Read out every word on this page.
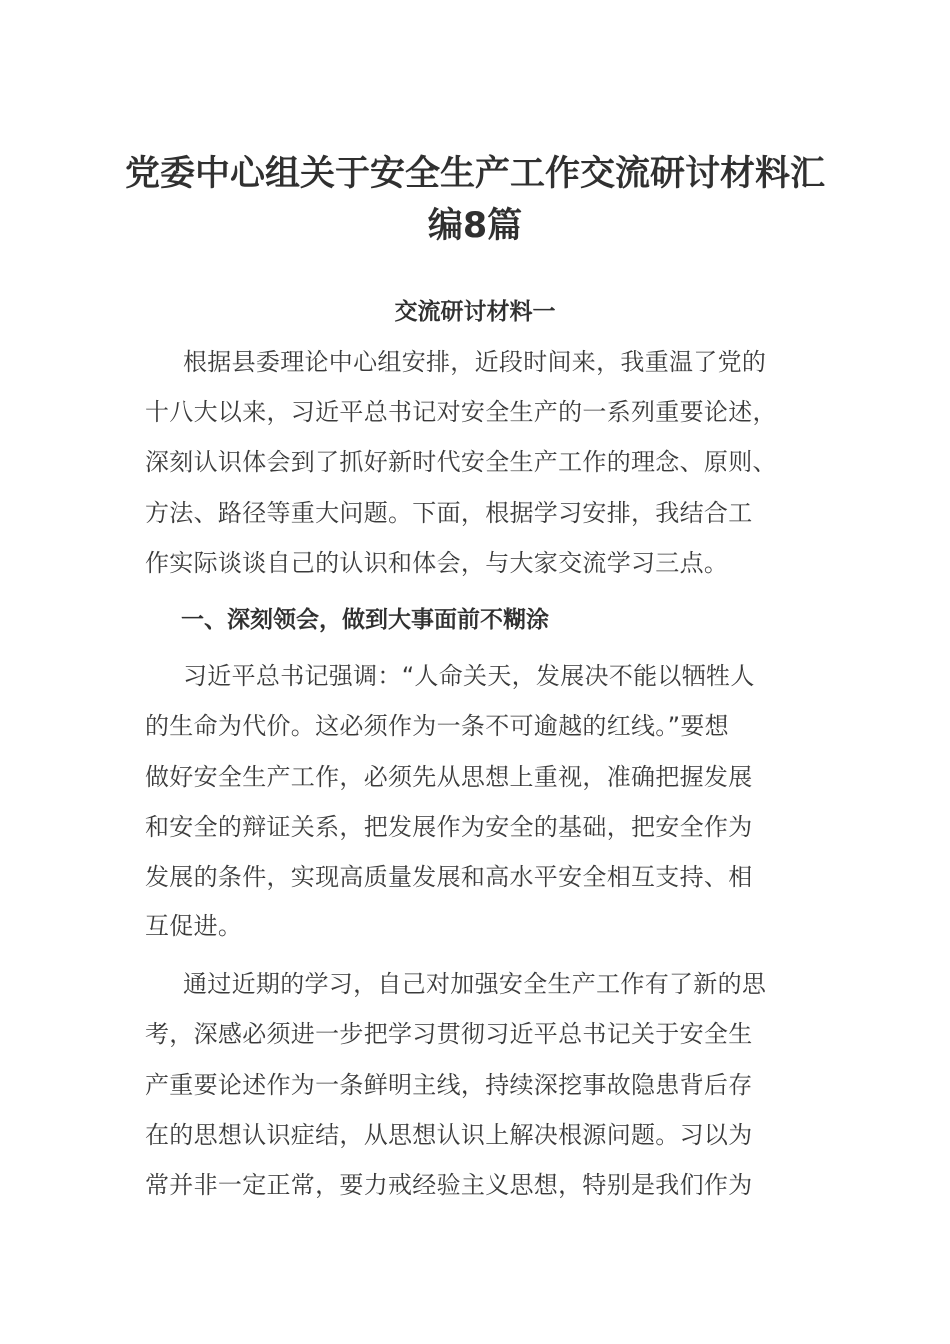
党委中心组关于安全生产工作交流研讨材料汇
编8篇
交流研讨材料一
根据县委理论中心组安排，近段时间来，我重温了党的
十八大以来，习近平总书记对安全生产的一系列重要论述，
深刻认识体会到了抓好新时代安全生产工作的理念、原则、
方法、路径等重大问题。下面，根据学习安排，我结合工
作实际谈谈自己的认识和体会，与大家交流学习三点。
一、深刻领会，做到大事面前不糊涂
习近平总书记强调：“人命关天，发展决不能以牺牲人
的生命为代价。这必须作为一条不可逾越的红线。”要想
做好安全生产工作，必须先从思想上重视，准确把握发展
和安全的辩证关系，把发展作为安全的基础，把安全作为
发展的条件，实现高质量发展和高水平安全相互支持、相
互促进。
通过近期的学习，自己对加强安全生产工作有了新的思
考，深感必须进一步把学习贯彻习近平总书记关于安全生
产重要论述作为一条鲜明主线，持续深挖事故隐患背后存
在的思想认识症结，从思想认识上解决根源问题。习以为
常并非一定正常，要力戒经验主义思想，特别是我们作为
